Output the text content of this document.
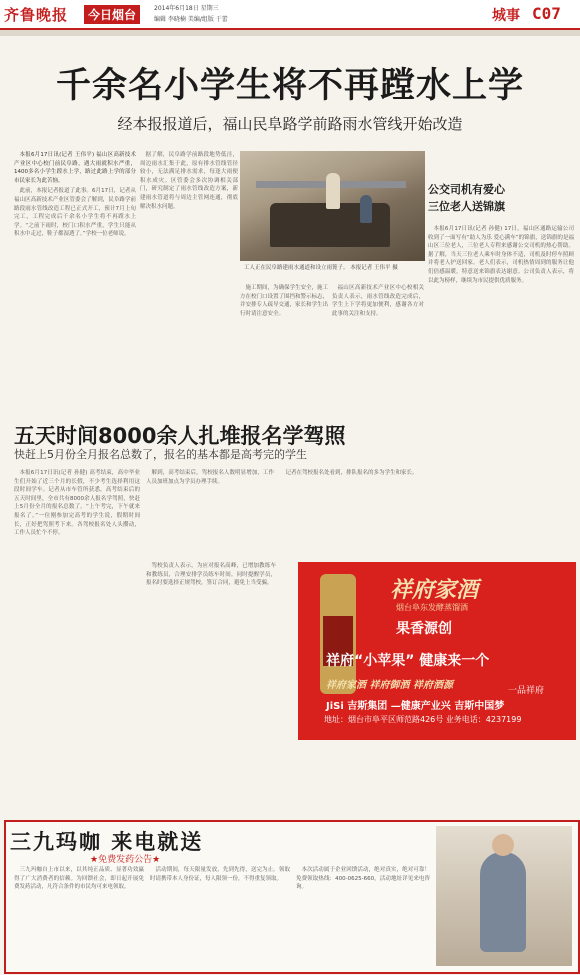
齐鲁晚报	今日烟台	2014年6月18日 星期三
编辑 李晓楠 美编/组版 于蕾	城事 C07
千余名小学生将不再蹚水上学
经本报报道后，福山民阜路学前路雨水管线开始改造

本报6月17日讯(记者 王伟平) 福山区高新技术产业区中心校门前民阜路，遇大雨就积水严重，1400多名小学生蹚水上学，路过此路上学的部分市民家长为此苦恼。

此前，本报记者报道了此事。6月17日，记者从福山区高新技术产业区管委会了解到，民阜路学前路段雨水管线改造工程已正式开工，预计7月上旬完工，工程完成后千余名小学生将不再蹚水上学。“之前下雨时，校门口积水严重，学生只能从积水中走过，鞋子都湿透了。”学校一位老师说。

据了解，民阜路学前路段地势低洼，周边雨水汇集于此，原有排水管线管径较小，无法满足排水需求，每逢大雨便积水成灾。区管委会多次协调相关部门，研究制定了雨水管线改造方案，新建雨水管道将与周边主管网连通，彻底解决积水问题。

工人正在民阜路建雨水通道和设立雨篦子。 本报记者 王伟平 摄

施工期间，为确保学生安全，施工方在校门口设置了围挡和警示标志，并安排专人疏导交通，家长和学生出行时请注意安全。

福山区高新技术产业区中心校相关负责人表示，雨水管线改造完成后，学生上下学将更加便利，感谢各方对此事的关注和支持。

公交司机有爱心
三位老人送锦旗

本报6月17日讯(记者 孙健) 17日，福山区通路运输公司收到了一面写有“助人为乐 爱心满车”的锦旗，送锦旗的是福山区三位老人，三位老人专程来感谢公交司机的热心帮助。据了解，当天三位老人乘车时身体不适，司机及时停车照顾并将老人护送回家。老人们表示，司机热情周到的服务让他们倍感温暖，特意送来锦旗表达谢意。公司负责人表示，将以此为榜样，继续为市民提供优质服务。

五天时间8000余人扎堆报名学驾照
快赶上5月份全月报名总数了，报名的基本都是高考完的学生

本报6月17日讯(记者 孙健) 高考结束，高中毕业生们开始了近三个月的长假，不少考生选择利用这段时间学车。记者从市车管所获悉，高考结束后的五天时间里，全市共有8000余人报名学驾照，快赶上5月份全月的报名总数了。“上午考完，下午就来报名了。”一位刚参加完高考的学生说，假期时间长，正好把驾照考下来。各驾校报名处人头攒动，工作人员忙个不停。

解到，高考结束后，驾校报名人数明显增加，工作人员加班加点为学员办理手续。

记者在驾校报名处看到，排队报名的多为学生和家长。

驾校负责人表示，为应对报名高峰，已增加教练车和教练员，合理安排学员练车时间。同时提醒学员，报名时要选择正规驾校，签订合同，避免上当受骗。	祥府家酒
烟台阜东发酵蒸馏酒
果香源创
祥府“小苹果” 健康来一个
祥府家酒 祥府御酒 祥府酒源	一品祥府
JiSi 吉斯集团 —健康产业兴 吉斯中国梦
地址：烟台市阜平区师范路426号 业务电话：4237199
三九玛咖 来电就送
★免费发药公告★

三九玛咖自上市以来，以其纯正品质、显著功效赢得了广大消费者的信赖。为回馈社会，即日起开展免费发药活动，凡符合条件的市民均可来电领取。

活动期间，每天限量发放，先到先得，送完为止。领取时请携带本人身份证，每人限领一份，不得重复领取。

本次活动属于企业回馈活动，绝对真实，绝对可靠！免费领取热线：400-0625-660，活动地址详见来电咨询。
